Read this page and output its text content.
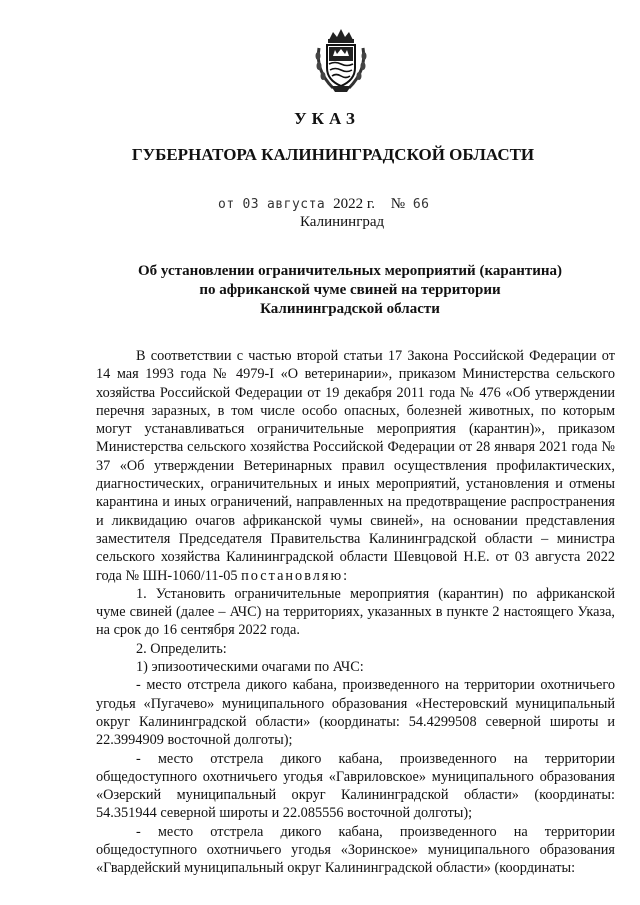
УКАЗ
ГУБЕРНАТОРА КАЛИНИНГРАДСКОЙ ОБЛАСТИ
от 03 августа 2022 г. № 66
Калининград
Об установлении ограничительных мероприятий (карантина)
по африканской чуме свиней на территории
Калининградской области

В соответствии с частью второй статьи 17 Закона Российской Федерации от 14 мая 1993 года № 4979-I «О ветеринарии», приказом Министерства сельского хозяйства Российской Федерации от 19 декабря 2011 года № 476 «Об утверждении перечня заразных, в том числе особо опасных, болезней животных, по которым могут устанавливаться ограничительные мероприятия (карантин)», приказом Министерства сельского хозяйства Российской Федерации от 28 января 2021 года № 37 «Об утверждении Ветеринарных правил осуществления профилактических, диагностических, ограничительных и иных мероприятий, установления и отмены карантина и иных ограничений, направленных на предотвращение распространения и ликвидацию очагов африканской чумы свиней», на основании представления заместителя Председателя Правительства Калининградской области – министра сельского хозяйства Калининградской области Шевцовой Н.Е. от 03 августа 2022 года № ШН-1060/11-05 постановляю:

1. Установить ограничительные мероприятия (карантин) по африканской чуме свиней (далее – АЧС) на территориях, указанных в пункте 2 настоящего Указа, на срок до 16 сентября 2022 года.

2. Определить:

1) эпизоотическими очагами по АЧС:

- место отстрела дикого кабана, произведенного на территории охотничьего угодья «Пугачево» муниципального образования «Нестеровский муниципальный округ Калининградской области» (координаты: 54.4299508 северной широты и 22.3994909 восточной долготы);

- место отстрела дикого кабана, произведенного на территории общедоступного охотничьего угодья «Гавриловское» муниципального образования «Озерский муниципальный округ Калининградской области» (координаты: 54.351944 северной широты и 22.085556 восточной долготы);

- место отстрела дикого кабана, произведенного на территории общедоступного охотничьего угодья «Зоринское» муниципального образования «Гвардейский муниципальный округ Калининградской области» (координаты:
